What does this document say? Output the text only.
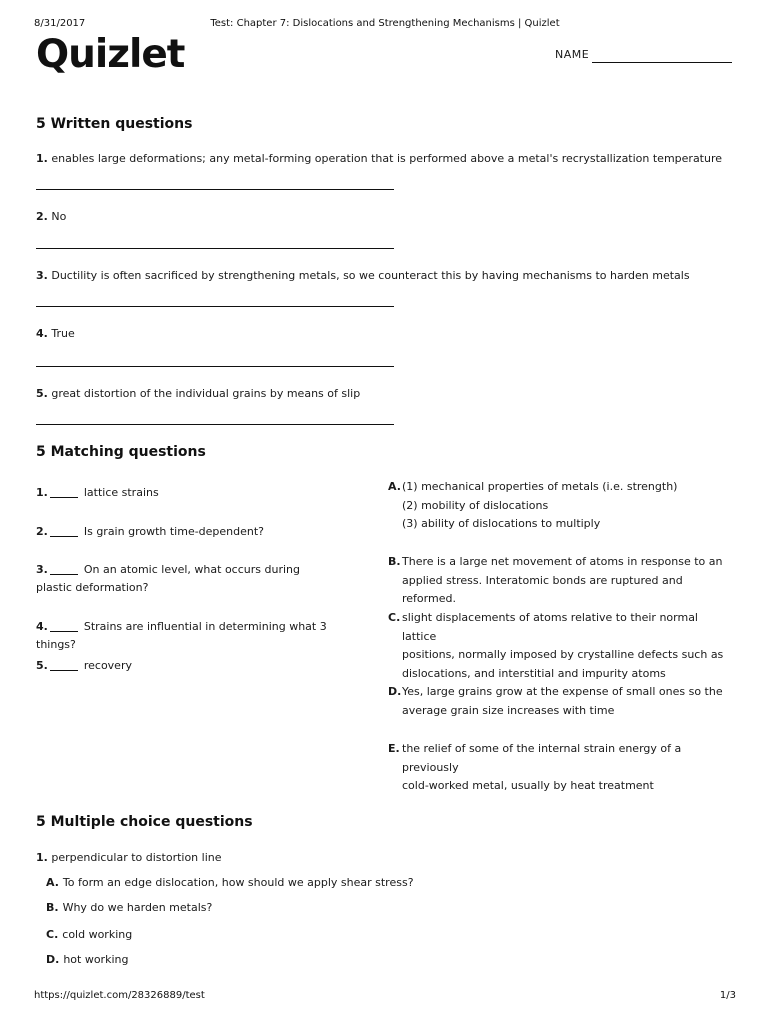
8/31/2017	Test: Chapter 7: Dislocations and Strengthening Mechanisms | Quizlet
Quizlet	NAME
5 Written questions
1. enables large deformations; any metal-forming operation that is performed above a metal's recrystallization temperature
2. No
3. Ductility is often sacrificed by strengthening metals, so we counteract this by having mechanisms to harden metals
4. True
5. great distortion of the individual grains by means of slip
5 Matching questions
1.	lattice strains
2.	Is grain growth time-dependent?
3.	On an atomic level, what occurs during plastic deformation?
4.	Strains are influential in determining what 3 things?
5.	recovery
A. (1) mechanical properties of metals (i.e. strength)
(2) mobility of dislocations
(3) ability of dislocations to multiply
B. There is a large net movement of atoms in response to an
applied stress. Interatomic bonds are ruptured and reformed.
C. slight displacements of atoms relative to their normal lattice
positions, normally imposed by crystalline defects such as
dislocations, and interstitial and impurity atoms
D. Yes, large grains grow at the expense of small ones so the
average grain size increases with time
E. the relief of some of the internal strain energy of a previously
cold-worked metal, usually by heat treatment
5 Multiple choice questions
1. perpendicular to distortion line
A. To form an edge dislocation, how should we apply shear stress?
B. Why do we harden metals?
C. cold working
D. hot working
https://quizlet.com/28326889/test	1/3
